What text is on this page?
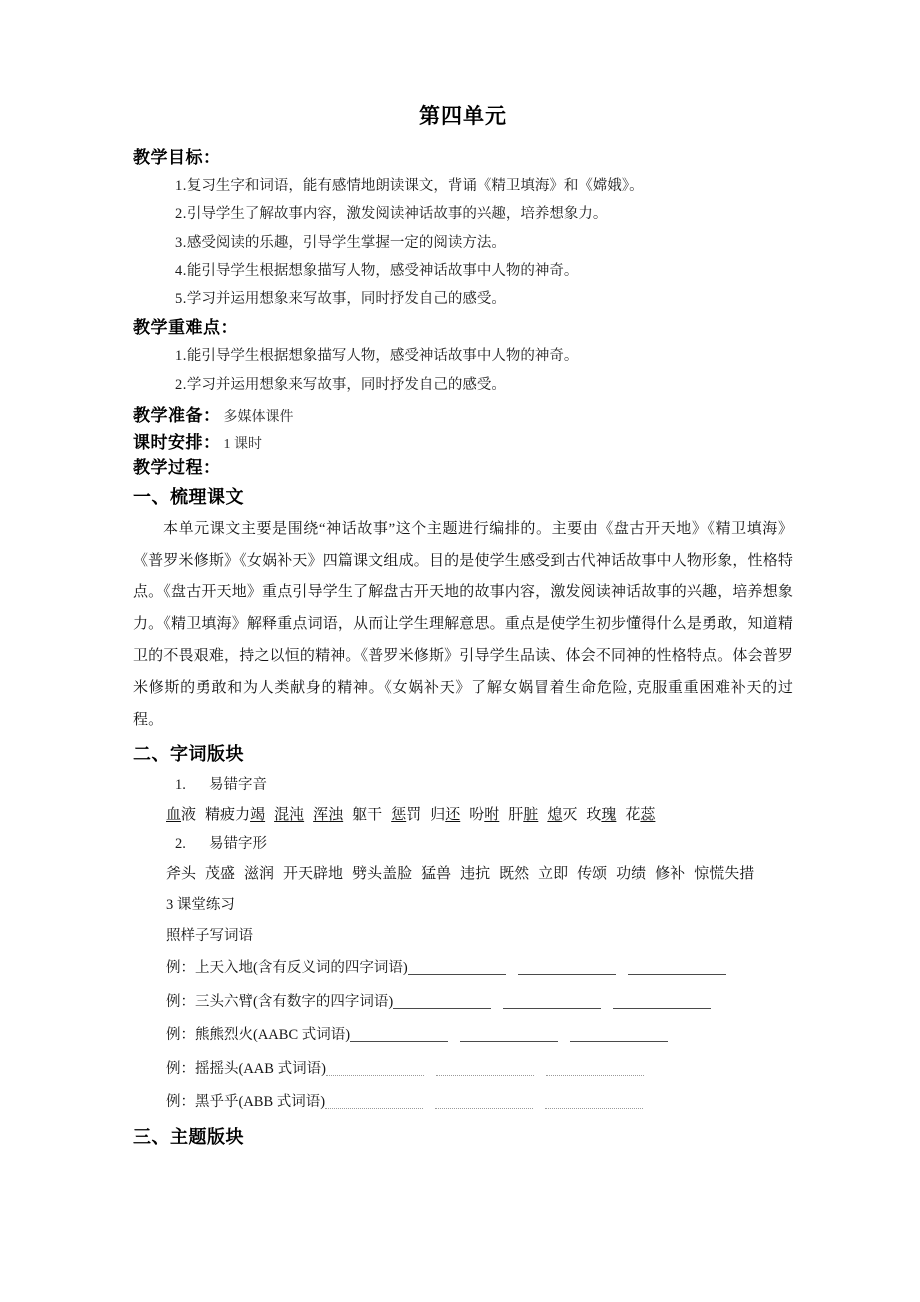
第四单元
教学目标：
1.复习生字和词语，能有感情地朗读课文，背诵《精卫填海》和《嫦娥》。
2.引导学生了解故事内容，激发阅读神话故事的兴趣，培养想象力。
3.感受阅读的乐趣，引导学生掌握一定的阅读方法。
4.能引导学生根据想象描写人物，感受神话故事中人物的神奇。
5.学习并运用想象来写故事，同时抒发自己的感受。
教学重难点：
1.能引导学生根据想象描写人物，感受神话故事中人物的神奇。
2.学习并运用想象来写故事，同时抒发自己的感受。
教学准备： 多媒体课件
课时安排： 1 课时
教学过程：
一、梳理课文

本单元课文主要是围绕“神话故事”这个主题进行编排的。主要由《盘古开天地》《精卫填海》《普罗米修斯》《女娲补天》四篇课文组成。目的是使学生感受到古代神话故事中人物形象，性格特点。《盘古开天地》重点引导学生了解盘古开天地的故事内容，激发阅读神话故事的兴趣，培养想象力。《精卫填海》解释重点词语，从而让学生理解意思。重点是使学生初步懂得什么是勇敢，知道精卫的不畏艰难，持之以恒的精神。《普罗米修斯》引导学生品读、体会不同神的性格特点。体会普罗米修斯的勇敢和为人类献身的精神。《女娲补天》了解女娲冒着生命危险, 克服重重困难补天的过程。

二、字词版块
1. 易错字音
血液 精疲力竭 混沌 浑浊 躯干 惩罚 归还 吩咐 肝脏 熄灭 玫瑰 花蕊
2. 易错字形
斧头 茂盛 滋润 开天辟地 劈头盖脸 猛兽 违抗 既然 立即 传颂 功绩 修补 惊慌失措
3 课堂练习
照样子写词语
例：上天入地(含有反义词的四字词语)
例：三头六臂(含有数字的四字词语)
例：熊熊烈火(AABC 式词语)
例：摇摇头(AAB 式词语)
例：黑乎乎(ABB 式词语)
三、主题版块
